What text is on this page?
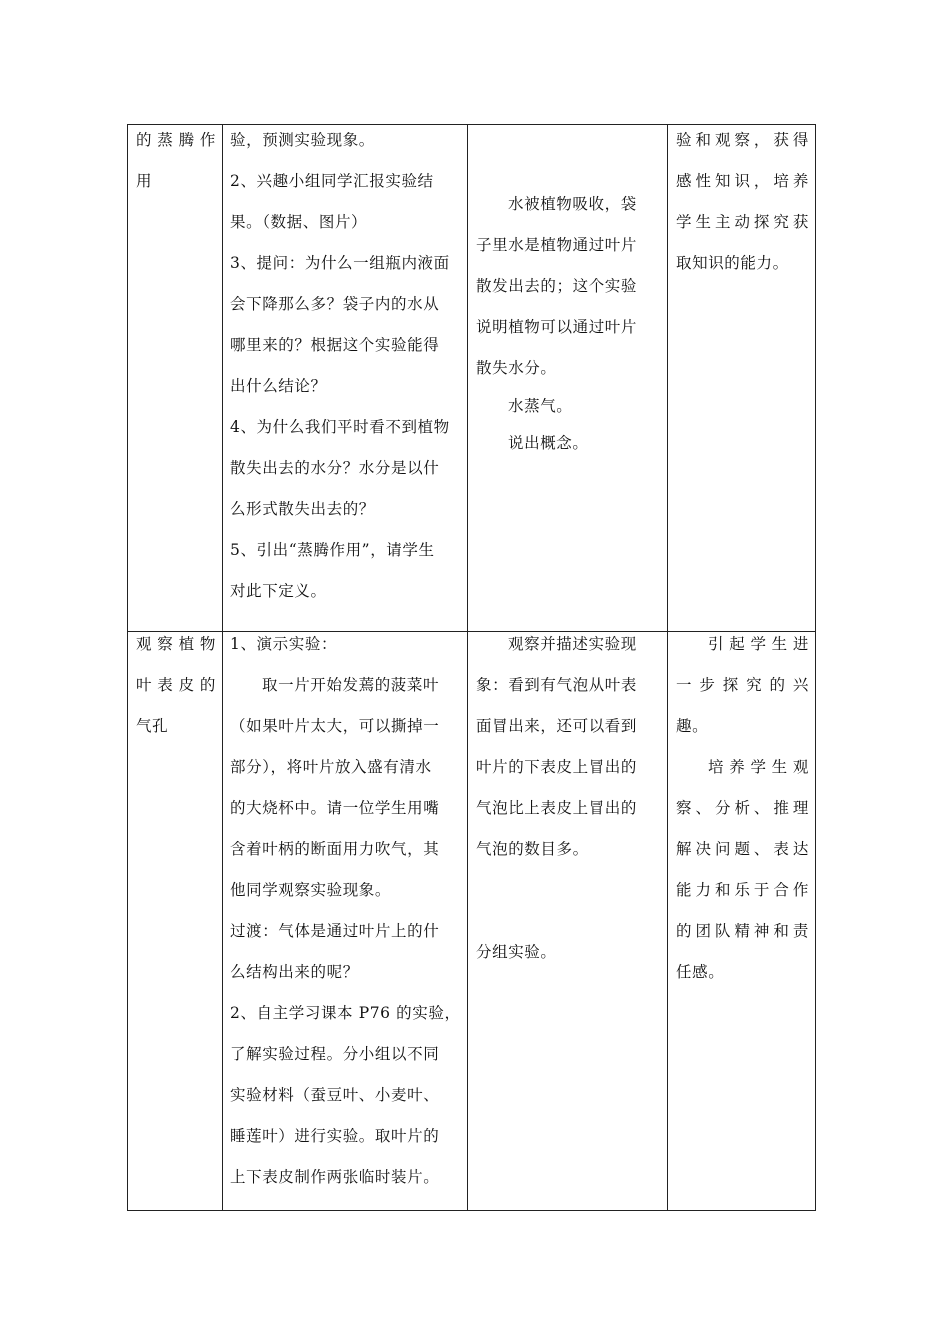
的蒸腾作

用

验，预测实验现象。

2、兴趣小组同学汇报实验结

果。（数据、图片）

3、提问：为什么一组瓶内液面

会下降那么多？袋子内的水从

哪里来的？根据这个实验能得

出什么结论？

4、为什么我们平时看不到植物

散失出去的水分？水分是以什

么形式散失出去的？

5、引出“蒸腾作用”，请学生

对此下定义。

水被植物吸收，袋

子里水是植物通过叶片

散发出去的；这个实验

说明植物可以通过叶片

散失水分。

水蒸气。

说出概念。

验和观察，获得

感性知识，培养

学生主动探究获

取知识的能力。

观察植物

叶表皮的

气孔

1、演示实验：

取一片开始发蔫的菠菜叶

（如果叶片太大，可以撕掉一

部分），将叶片放入盛有清水

的大烧杯中。请一位学生用嘴

含着叶柄的断面用力吹气，其

他同学观察实验现象。

过渡：气体是通过叶片上的什

么结构出来的呢？

2、自主学习课本 P76 的实验，

了解实验过程。分小组以不同

实验材料（蚕豆叶、小麦叶、

睡莲叶）进行实验。取叶片的

上下表皮制作两张临时装片。

观察并描述实验现

象：看到有气泡从叶表

面冒出来，还可以看到

叶片的下表皮上冒出的

气泡比上表皮上冒出的

气泡的数目多。

分组实验。

引起学生进

一步探究的兴

趣。

培养学生观

察、分析、推理

解决问题、表达

能力和乐于合作

的团队精神和责

任感。
